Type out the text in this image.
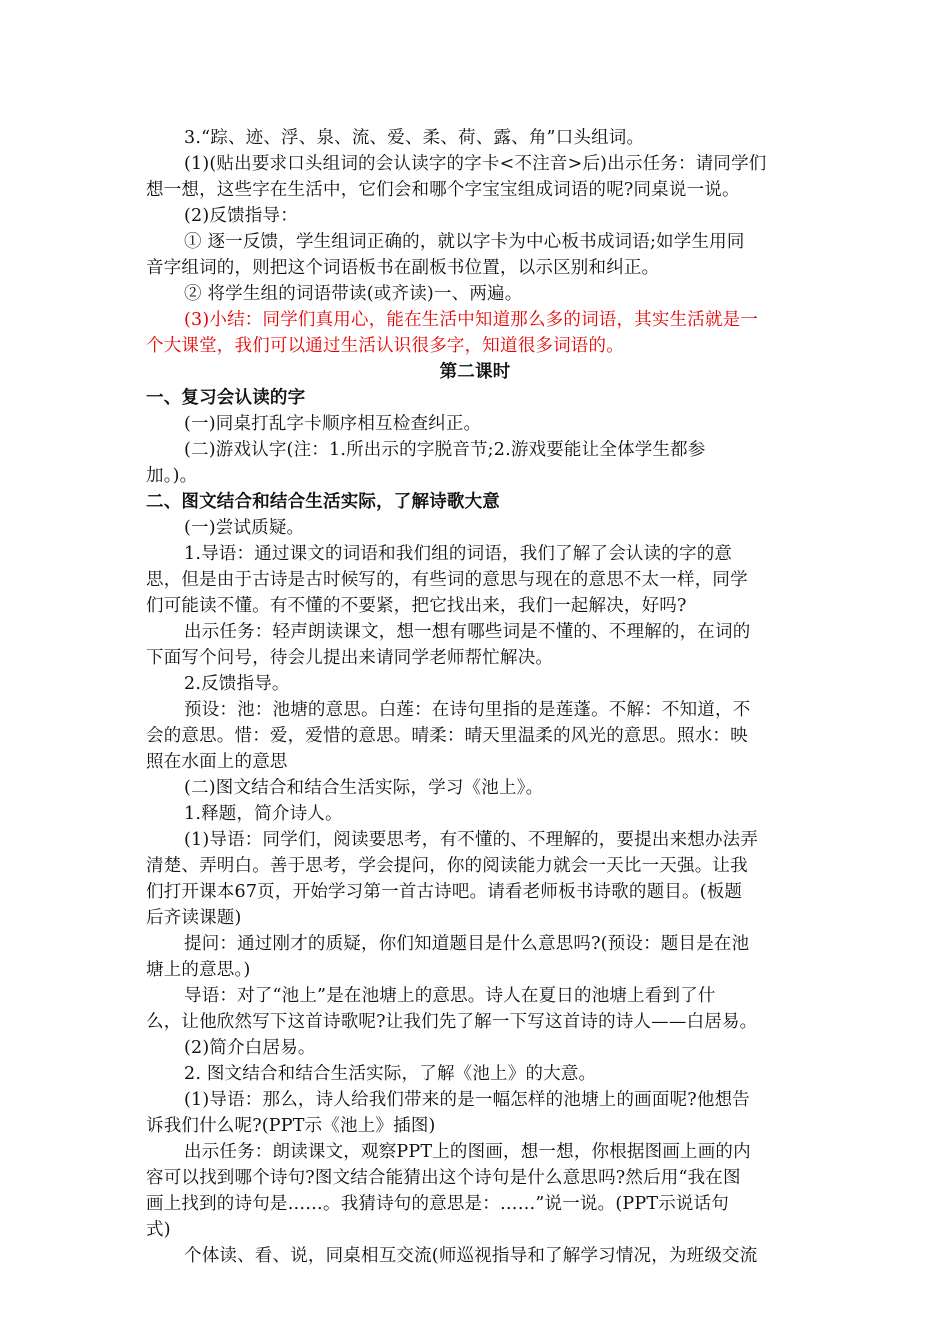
3.“踪、迹、浮、泉、流、爱、柔、荷、露、角”口头组词。
(1)(贴出要求口头组词的会认读字的字卡<不注音>后)出示任务：请同学们
想一想，这些字在生活中，它们会和哪个字宝宝组成词语的呢?同桌说一说。
(2)反馈指导：
① 逐一反馈，学生组词正确的，就以字卡为中心板书成词语;如学生用同
音字组词的，则把这个词语板书在副板书位置，以示区别和纠正。
② 将学生组的词语带读(或齐读)一、两遍。
(3)小结：同学们真用心，能在生活中知道那么多的词语，其实生活就是一
个大课堂，我们可以通过生活认识很多字，知道很多词语的。
第二课时
一、复习会认读的字
(一)同桌打乱字卡顺序相互检查纠正。
(二)游戏认字(注：1.所出示的字脱音节;2.游戏要能让全体学生都参
加。)。
二、图文结合和结合生活实际，了解诗歌大意
(一)尝试质疑。
1.导语：通过课文的词语和我们组的词语，我们了解了会认读的字的意
思，但是由于古诗是古时候写的，有些词的意思与现在的意思不太一样，同学
们可能读不懂。有不懂的不要紧，把它找出来，我们一起解决，好吗?
出示任务：轻声朗读课文，想一想有哪些词是不懂的、不理解的，在词的
下面写个问号，待会儿提出来请同学老师帮忙解决。
2.反馈指导。
预设：池：池塘的意思。白莲：在诗句里指的是莲蓬。不解：不知道，不
会的意思。惜：爱，爱惜的意思。晴柔：晴天里温柔的风光的意思。照水：映
照在水面上的意思
(二)图文结合和结合生活实际，学习《池上》。
1.释题，简介诗人。
(1)导语：同学们，阅读要思考，有不懂的、不理解的，要提出来想办法弄
清楚、弄明白。善于思考，学会提问，你的阅读能力就会一天比一天强。让我
们打开课本67页，开始学习第一首古诗吧。请看老师板书诗歌的题目。(板题
后齐读课题)
提问：通过刚才的质疑，你们知道题目是什么意思吗?(预设：题目是在池
塘上的意思。)
导语：对了“池上”是在池塘上的意思。诗人在夏日的池塘上看到了什
么，让他欣然写下这首诗歌呢?让我们先了解一下写这首诗的诗人——白居易。
(2)简介白居易。
2. 图文结合和结合生活实际，了解《池上》的大意。
(1)导语：那么，诗人给我们带来的是一幅怎样的池塘上的画面呢?他想告
诉我们什么呢?(PPT示《池上》插图)
出示任务：朗读课文，观察PPT上的图画，想一想，你根据图画上画的内
容可以找到哪个诗句?图文结合能猜出这个诗句是什么意思吗?然后用“我在图
画上找到的诗句是……。我猜诗句的意思是：……”说一说。(PPT示说话句
式)
个体读、看、说，同桌相互交流(师巡视指导和了解学习情况，为班级交流
